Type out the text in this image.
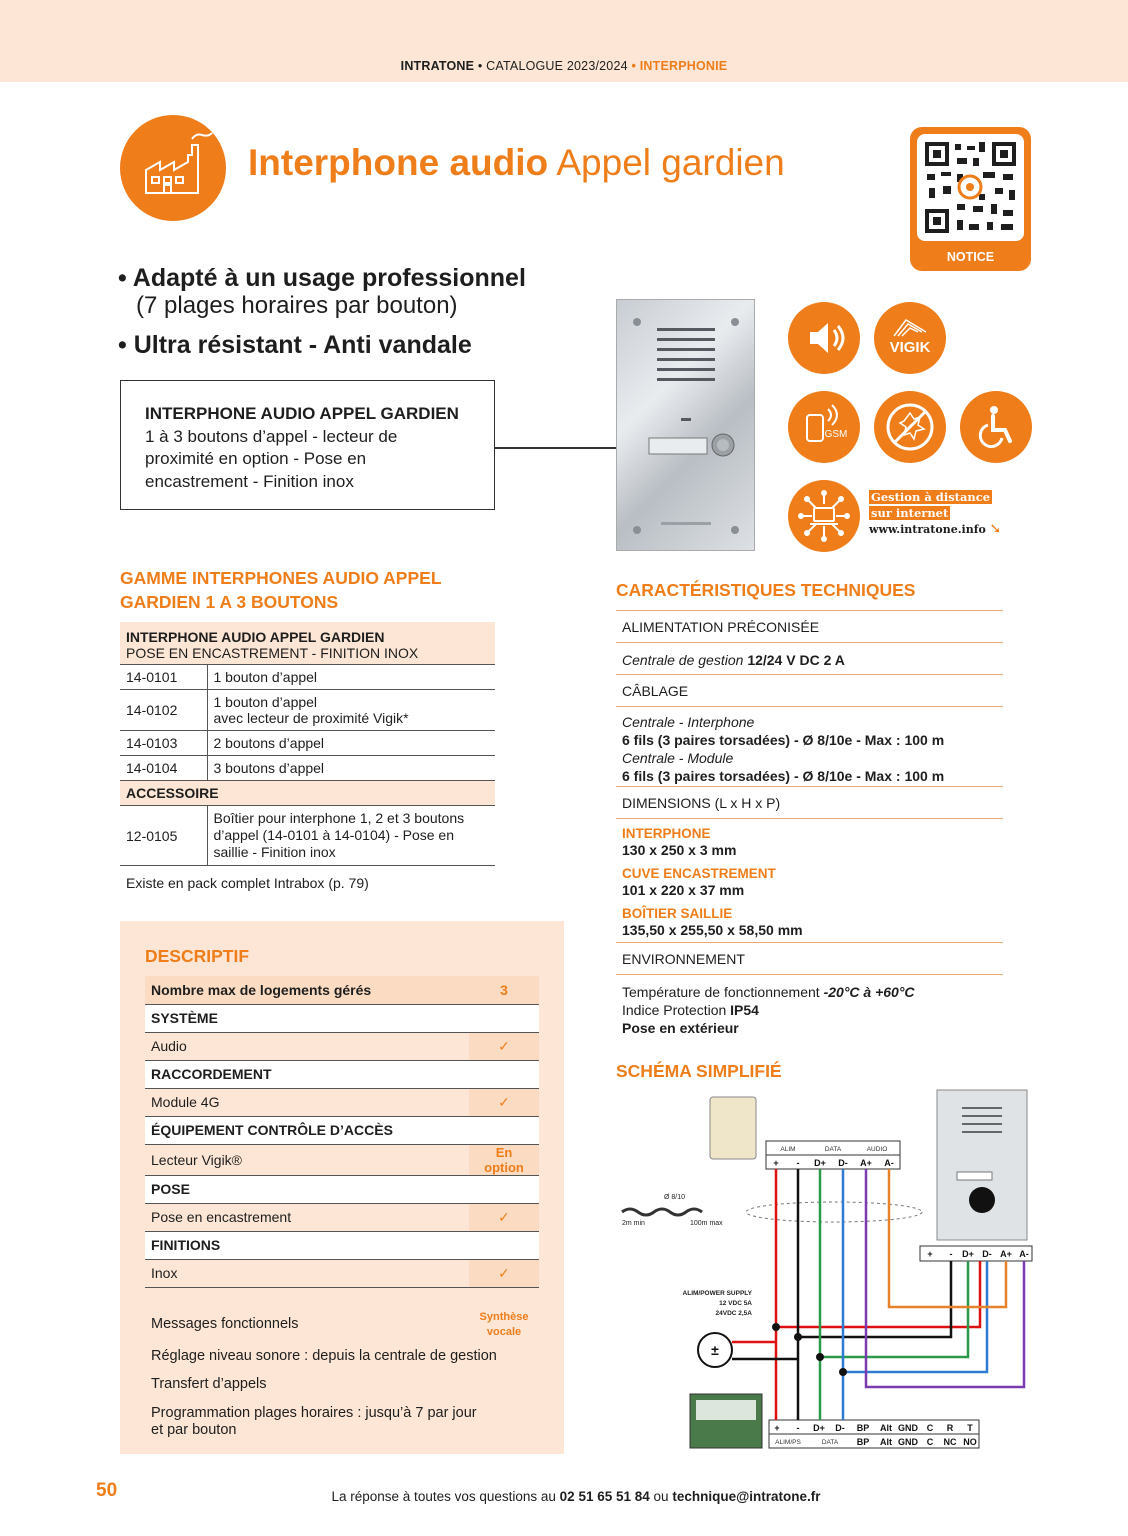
INTRATONE • CATALOGUE 2023/2024 • INTERPHONIE
Interphone audio Appel gardien
NOTICE
• Adapté à un usage professionnel
(7 plages horaires par bouton)
• Ultra résistant - Anti vandale
INTERPHONE AUDIO APPEL GARDIEN 1 à 3 boutons d’appel - lecteur de proximité en option - Pose en encastrement - Finition inox
VIGIK
GSM
Gestion à distance
sur internet
www.intratone.info ➘
GAMME INTERPHONES AUDIO APPEL
GARDIEN 1 A 3 BOUTONS
INTERPHONE AUDIO APPEL GARDIEN
POSE EN ENCASTREMENT - FINITION INOX	
14-0101	1 bouton d’appel
14-0102	1 bouton d’appel
avec lecteur de proximité Vigik*
14-0103	2 boutons d’appel
14-0104	3 boutons d’appel
ACCESSOIRE	
12-0105	Boîtier pour interphone 1, 2 et 3 boutons d’appel (14-0101 à 14-0104) - Pose en saillie - Finition inox
Existe en pack complet Intrabox (p. 79)
DESCRIPTIF
Nombre max de logements gérés	3
SYSTÈME	
Audio	✓
RACCORDEMENT	
Module 4G	✓
ÉQUIPEMENT CONTRÔLE D’ACCÈS	
Lecteur Vigik®	En option
POSE	
Pose en encastrement	✓
FINITIONS	
Inox	✓
Messages fonctionnels	Synthèse
vocale
Réglage niveau sonore : depuis la centrale de gestion
Transfert d’appels
Programmation plages horaires : jusqu’à 7 par jour
et par bouton
CARACTÉRISTIQUES TECHNIQUES
ALIMENTATION PRÉCONISÉE
Centrale de gestion 12/24 V DC 2 A
CÂBLAGE
Centrale - Interphone
6 fils (3 paires torsadées) - Ø 8/10e - Max : 100 m
Centrale - Module
6 fils (3 paires torsadées) - Ø 8/10e - Max : 100 m
DIMENSIONS (L x H x P)
INTERPHONE
130 x 250 x 3 mm
CUVE ENCASTREMENT
101 x 220 x 37 mm
BOÎTIER SAILLIE
135,50 x 255,50 x 58,50 mm
ENVIRONNEMENT
Température de fonctionnement -20°C à +60°C
Indice Protection IP54
Pose en extérieur
SCHÉMA SIMPLIFIÉ
ALIM	DATA	AUDIO
+ - D+ D- A+ A-
+ - D+ D- A+ A-
+ - D+ D- BP Alt GND C R T
BP Alt GND C NC NO
ALIM/PS	DATA
Ø 8/10
2m min	100m max
ALIM/POWER SUPPLY
12 VDC 5A
24VDC 2,5A
±
50	La réponse à toutes vos questions au 02 51 65 51 84 ou technique@intratone.fr
